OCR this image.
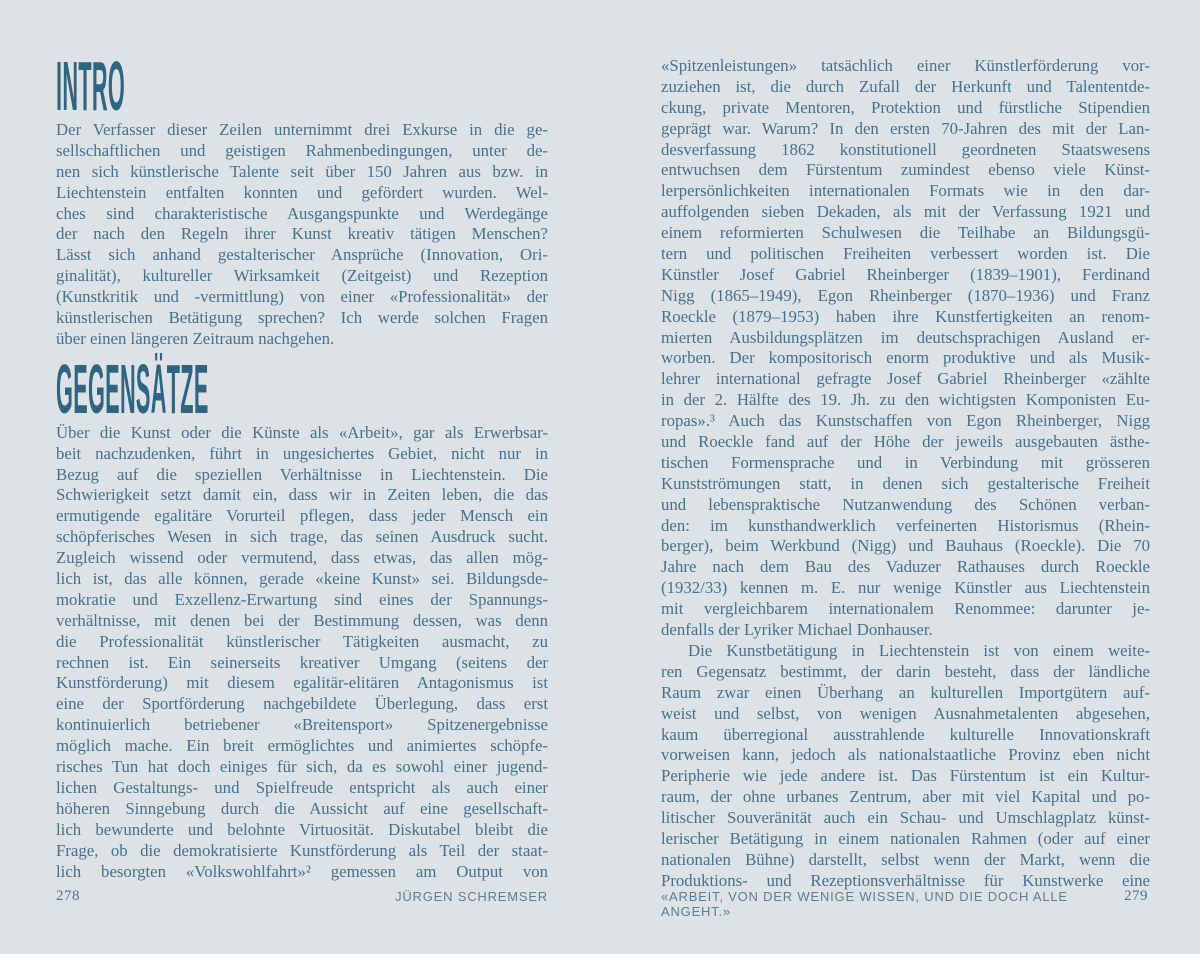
INTRO
Der Verfasser dieser Zeilen unternimmt drei Exkurse in die ge-
sellschaftlichen und geistigen Rahmenbedingungen, unter de-
nen sich künstlerische Talente seit über 150 Jahren aus bzw. in
Liechtenstein entfalten konnten und gefördert wurden. Wel-
ches sind charakteristische Ausgangspunkte und Werdegänge
der nach den Regeln ihrer Kunst kreativ tätigen Menschen?
Lässt sich anhand gestalterischer Ansprüche (Innovation, Ori-
ginalität), kultureller Wirksamkeit (Zeitgeist) und Rezeption
(Kunstkritik und -vermittlung) von einer «Professionalität» der
künstlerischen Betätigung sprechen? Ich werde solchen Fragen
über einen längeren Zeitraum nachgehen.
GEGENSÄTZE
Über die Kunst oder die Künste als «Arbeit», gar als Erwerbsar-
beit nachzudenken, führt in ungesichertes Gebiet, nicht nur in
Bezug auf die speziellen Verhältnisse in Liechtenstein. Die
Schwierigkeit setzt damit ein, dass wir in Zeiten leben, die das
ermutigende egalitäre Vorurteil pflegen, dass jeder Mensch ein
schöpferisches Wesen in sich trage, das seinen Ausdruck sucht.
Zugleich wissend oder vermutend, dass etwas, das allen mög-
lich ist, das alle können, gerade «keine Kunst» sei. Bildungsde-
mokratie und Exzellenz-Erwartung sind eines der Spannungs-
verhältnisse, mit denen bei der Bestimmung dessen, was denn
die Professionalität künstlerischer Tätigkeiten ausmacht, zu
rechnen ist. Ein seinerseits kreativer Umgang (seitens der
Kunstförderung) mit diesem egalitär-elitären Antagonismus ist
eine der Sportförderung nachgebildete Überlegung, dass erst
kontinuierlich betriebener «Breitensport» Spitzenergebnisse
möglich mache. Ein breit ermöglichtes und animiertes schöpfe-
risches Tun hat doch einiges für sich, da es sowohl einer jugend-
lichen Gestaltungs- und Spielfreude entspricht als auch einer
höheren Sinngebung durch die Aussicht auf eine gesellschaft-
lich bewunderte und belohnte Virtuosität. Diskutabel bleibt die
Frage, ob die demokratisierte Kunstförderung als Teil der staat-
lich besorgten «Volkswohlfahrt»² gemessen am Output von
«Spitzenleistungen» tatsächlich einer Künstlerförderung vor-
zuziehen ist, die durch Zufall der Herkunft und Talententde-
ckung, private Mentoren, Protektion und fürstliche Stipendien
geprägt war. Warum? In den ersten 70-Jahren des mit der Lan-
desverfassung 1862 konstitutionell geordneten Staatswesens
entwuchsen dem Fürstentum zumindest ebenso viele Künst-
lerpersönlichkeiten internationalen Formats wie in den dar-
auffolgenden sieben Dekaden, als mit der Verfassung 1921 und
einem reformierten Schulwesen die Teilhabe an Bildungsgü-
tern und politischen Freiheiten verbessert worden ist. Die
Künstler Josef Gabriel Rheinberger (1839–1901), Ferdinand
Nigg (1865–1949), Egon Rheinberger (1870–1936) und Franz
Roeckle (1879–1953) haben ihre Kunstfertigkeiten an renom-
mierten Ausbildungsplätzen im deutschsprachigen Ausland er-
worben. Der kompositorisch enorm produktive und als Musik-
lehrer international gefragte Josef Gabriel Rheinberger «zählte
in der 2. Hälfte des 19. Jh. zu den wichtigsten Komponisten Eu-
ropas».³ Auch das Kunstschaffen von Egon Rheinberger, Nigg
und Roeckle fand auf der Höhe der jeweils ausgebauten ästhe-
tischen Formensprache und in Verbindung mit grösseren
Kunstströmungen statt, in denen sich gestalterische Freiheit
und lebenspraktische Nutzanwendung des Schönen verban-
den: im kunsthandwerklich verfeinerten Historismus (Rhein-
berger), beim Werkbund (Nigg) und Bauhaus (Roeckle). Die 70
Jahre nach dem Bau des Vaduzer Rathauses durch Roeckle
(1932/33) kennen m. E. nur wenige Künstler aus Liechtenstein
mit vergleichbarem internationalem Renommee: darunter je-
denfalls der Lyriker Michael Donhauser.
Die Kunstbetätigung in Liechtenstein ist von einem weite-
ren Gegensatz bestimmt, der darin besteht, dass der ländliche
Raum zwar einen Überhang an kulturellen Importgütern auf-
weist und selbst, von wenigen Ausnahmetalenten abgesehen,
kaum überregional ausstrahlende kulturelle Innovationskraft
vorweisen kann, jedoch als nationalstaatliche Provinz eben nicht
Peripherie wie jede andere ist. Das Fürstentum ist ein Kultur-
raum, der ohne urbanes Zentrum, aber mit viel Kapital und po-
litischer Souveränität auch ein Schau- und Umschlagplatz künst-
lerischer Betätigung in einem nationalen Rahmen (oder auf einer
nationalen Bühne) darstellt, selbst wenn der Markt, wenn die
Produktions- und Rezeptionsverhältnisse für Kunstwerke eine
278	JÜRGEN SCHREMSER	«ARBEIT, VON DER WENIGE WISSEN, UND DIE DOCH ALLE ANGEHT.»
279
